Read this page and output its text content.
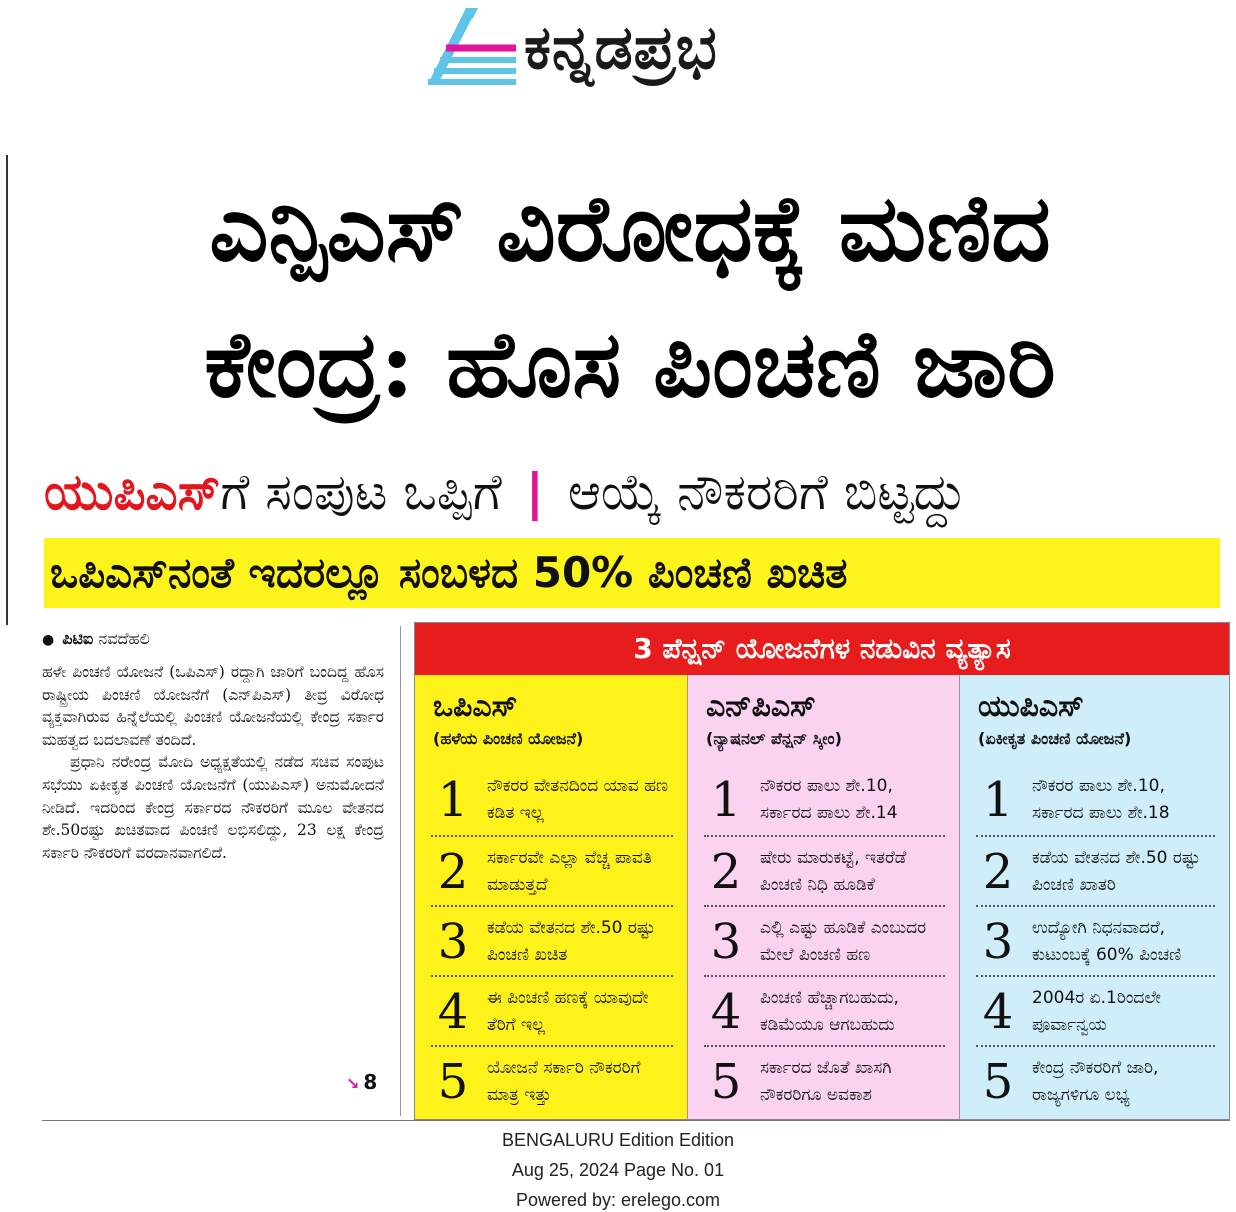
ಕನ್ನಡಪ್ರಭ
ಎನ್ಪಿಎಸ್ ವಿರೋಧಕ್ಕೆ ಮಣಿದ
ಕೇಂದ್ರ: ಹೊಸ ಪಿಂಚಣಿ ಜಾರಿ
ಯುಪಿಎಸ್ಗೆ ಸಂಪುಟ ಒಪ್ಪಿಗೆ | ಆಯ್ಕೆ ನೌಕರರಿಗೆ ಬಿಟ್ಟದ್ದು
ಒಪಿಎಸ್‌ನಂತೆ ಇದರಲ್ಲೂ ಸಂಬಳದ 50% ಪಿಂಚಣಿ ಖಚಿತ
● ಪಿಟಿಐ ನವದೆಹಲಿ

ಹಳೇ ಪಿಂಚಣಿ ಯೋಜನೆ (ಒಪಿಎಸ್) ರದ್ದಾಗಿ ಜಾರಿಗೆ ಬಂದಿದ್ದ ಹೊಸ ರಾಷ್ಟ್ರೀಯ ಪಿಂಚಣಿ ಯೋಜನೆಗೆ (ಎನ್‌ಪಿಎಸ್) ತೀವ್ರ ವಿರೋಧ ವ್ಯಕ್ತವಾಗಿರುವ ಹಿನ್ನೆಲೆಯಲ್ಲಿ ಪಿಂಚಣಿ ಯೋಜನೆಯಲ್ಲಿ ಕೇಂದ್ರ ಸರ್ಕಾರ ಮಹತ್ವದ ಬದಲಾವಣೆ ತಂದಿದೆ.

ಪ್ರಧಾನಿ ನರೇಂದ್ರ ಮೋದಿ ಅಧ್ಯಕ್ಷತೆಯಲ್ಲಿ ನಡೆದ ಸಚಿವ ಸಂಪುಟ ಸಭೆಯು ಏಕೀಕೃತ ಪಿಂಚಣಿ ಯೋಜನೆಗೆ (ಯುಪಿಎಸ್) ಅನುಮೋದನೆ ನೀಡಿದೆ. ಇದರಿಂದ ಕೇಂದ್ರ ಸರ್ಕಾರದ ನೌಕರರಿಗೆ ಮೂಲ ವೇತನದ ಶೇ.50ರಷ್ಟು ಖಚಿತವಾದ ಪಿಂಚಣಿ ಲಭಿಸಲಿದ್ದು, 23 ಲಕ್ಷ ಕೇಂದ್ರ ಸರ್ಕಾರಿ ನೌಕರರಿಗೆ ವರದಾನವಾಗಲಿದೆ.

↘ 8
3 ಪೆನ್ಷನ್ ಯೋಜನೆಗಳ ನಡುವಿನ ವ್ಯತ್ಯಾಸ
ಒಪಿಎಸ್
(ಹಳೆಯ ಪಿಂಚಣಿ ಯೋಜನೆ)
1 ನೌಕರರ ವೇತನದಿಂದ ಯಾವ ಹಣ ಕಡಿತ ಇಲ್ಲ
2 ಸರ್ಕಾರವೇ ಎಲ್ಲಾ ವೆಚ್ಚ ಪಾವತಿ ಮಾಡುತ್ತದೆ
3 ಕಡೆಯ ವೇತನದ ಶೇ.50 ರಷ್ಟು ಪಿಂಚಣಿ ಖಚಿತ
4 ಈ ಪಿಂಚಣಿ ಹಣಕ್ಕೆ ಯಾವುದೇ ತೆರಿಗೆ ಇಲ್ಲ
5 ಯೋಜನೆ ಸರ್ಕಾರಿ ನೌಕರರಿಗೆ ಮಾತ್ರ ಇತ್ತು
ಎನ್‌ಪಿಎಸ್
(ನ್ಯಾಷನಲ್ ಪೆನ್ಷನ್ ಸ್ಕೀಂ)
1 ನೌಕರರ ಪಾಲು ಶೇ.10, ಸರ್ಕಾರದ ಪಾಲು ಶೇ.14
2 ಷೇರು ಮಾರುಕಟ್ಟೆ, ಇತರೆಡೆ ಪಿಂಚಣಿ ನಿಧಿ ಹೂಡಿಕೆ
3 ಎಲ್ಲಿ ಎಷ್ಟು ಹೂಡಿಕೆ ಎಂಬುದರ ಮೇಲೆ ಪಿಂಚಣಿ ಹಣ
4 ಪಿಂಚಣಿ ಹೆಚ್ಚಾಗಬಹುದು, ಕಡಿಮೆಯೂ ಆಗಬಹುದು
5 ಸರ್ಕಾರದ ಜೊತೆ ಖಾಸಗಿ ನೌಕರರಿಗೂ ಅವಕಾಶ
ಯುಪಿಎಸ್
(ಏಕೀಕೃತ ಪಿಂಚಣಿ ಯೋಜನೆ)
1 ನೌಕರರ ಪಾಲು ಶೇ.10, ಸರ್ಕಾರದ ಪಾಲು ಶೇ.18
2 ಕಡೆಯ ವೇತನದ ಶೇ.50 ರಷ್ಟು ಪಿಂಚಣಿ ಖಾತರಿ
3 ಉದ್ಯೋಗಿ ನಿಧನವಾದರೆ, ಕುಟುಂಬಕ್ಕೆ 60% ಪಿಂಚಣಿ
4 2004ರ ಏ.1ರಿಂದಲೇ ಪೂರ್ವಾನ್ವಯ
5 ಕೇಂದ್ರ ನೌಕರರಿಗೆ ಜಾರಿ, ರಾಜ್ಯಗಳಿಗೂ ಲಭ್ಯ
BENGALURU Edition Edition
Aug 25, 2024 Page No. 01
Powered by: erelego.com
